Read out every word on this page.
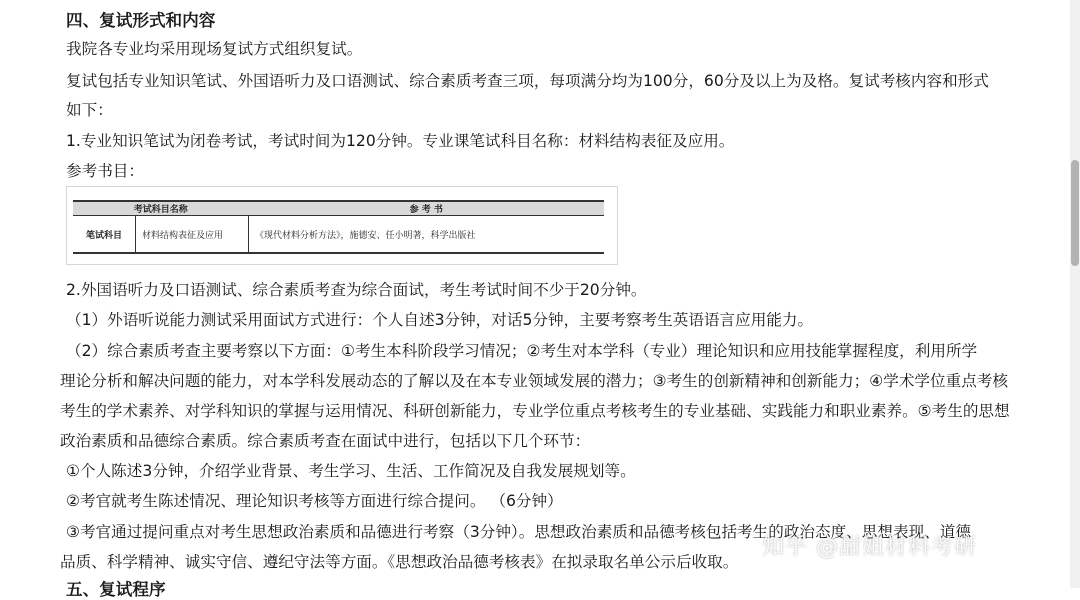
四、复试形式和内容
我院各专业均采用现场复试方式组织复试。
复试包括专业知识笔试、外国语听力及口语测试、综合素质考查三项，每项满分均为100分，60分及以上为及格。复试考核内容和形式
如下：
1.专业知识笔试为闭卷考试，考试时间为120分钟。专业课笔试科目名称：材料结构表征及应用。
参考书目：
考试科目名称		参 考 书
笔试科目	材料结构表征及应用	《现代材料分析方法》，施德安、任小明著，科学出版社
2.外国语听力及口语测试、综合素质考查为综合面试，考生考试时间不少于20分钟。
（1）外语听说能力测试采用面试方式进行：个人自述3分钟，对话5分钟，主要考察考生英语语言应用能力。
（2）综合素质考查主要考察以下方面：①考生本科阶段学习情况；②考生对本学科（专业）理论知识和应用技能掌握程度，利用所学
理论分析和解决问题的能力，对本学科发展动态的了解以及在本专业领域发展的潜力；③考生的创新精神和创新能力；④学术学位重点考核
考生的学术素养、对学科知识的掌握与运用情况、科研创新能力，专业学位重点考核考生的专业基础、实践能力和职业素养。⑤考生的思想
政治素质和品德综合素质。综合素质考查在面试中进行，包括以下几个环节：
①个人陈述3分钟，介绍学业背景、考生学习、生活、工作简况及自我发展规划等。
②考官就考生陈述情况、理论知识考核等方面进行综合提问。 （6分钟）
③考官通过提问重点对考生思想政治素质和品德进行考察（3分钟）。思想政治素质和品德考核包括考生的政治态度、思想表现、道德
品质、科学精神、诚实守信、遵纪守法等方面。《思想政治品德考核表》在拟录取名单公示后收取。
五、复试程序
知乎 @甜姐材料考研
